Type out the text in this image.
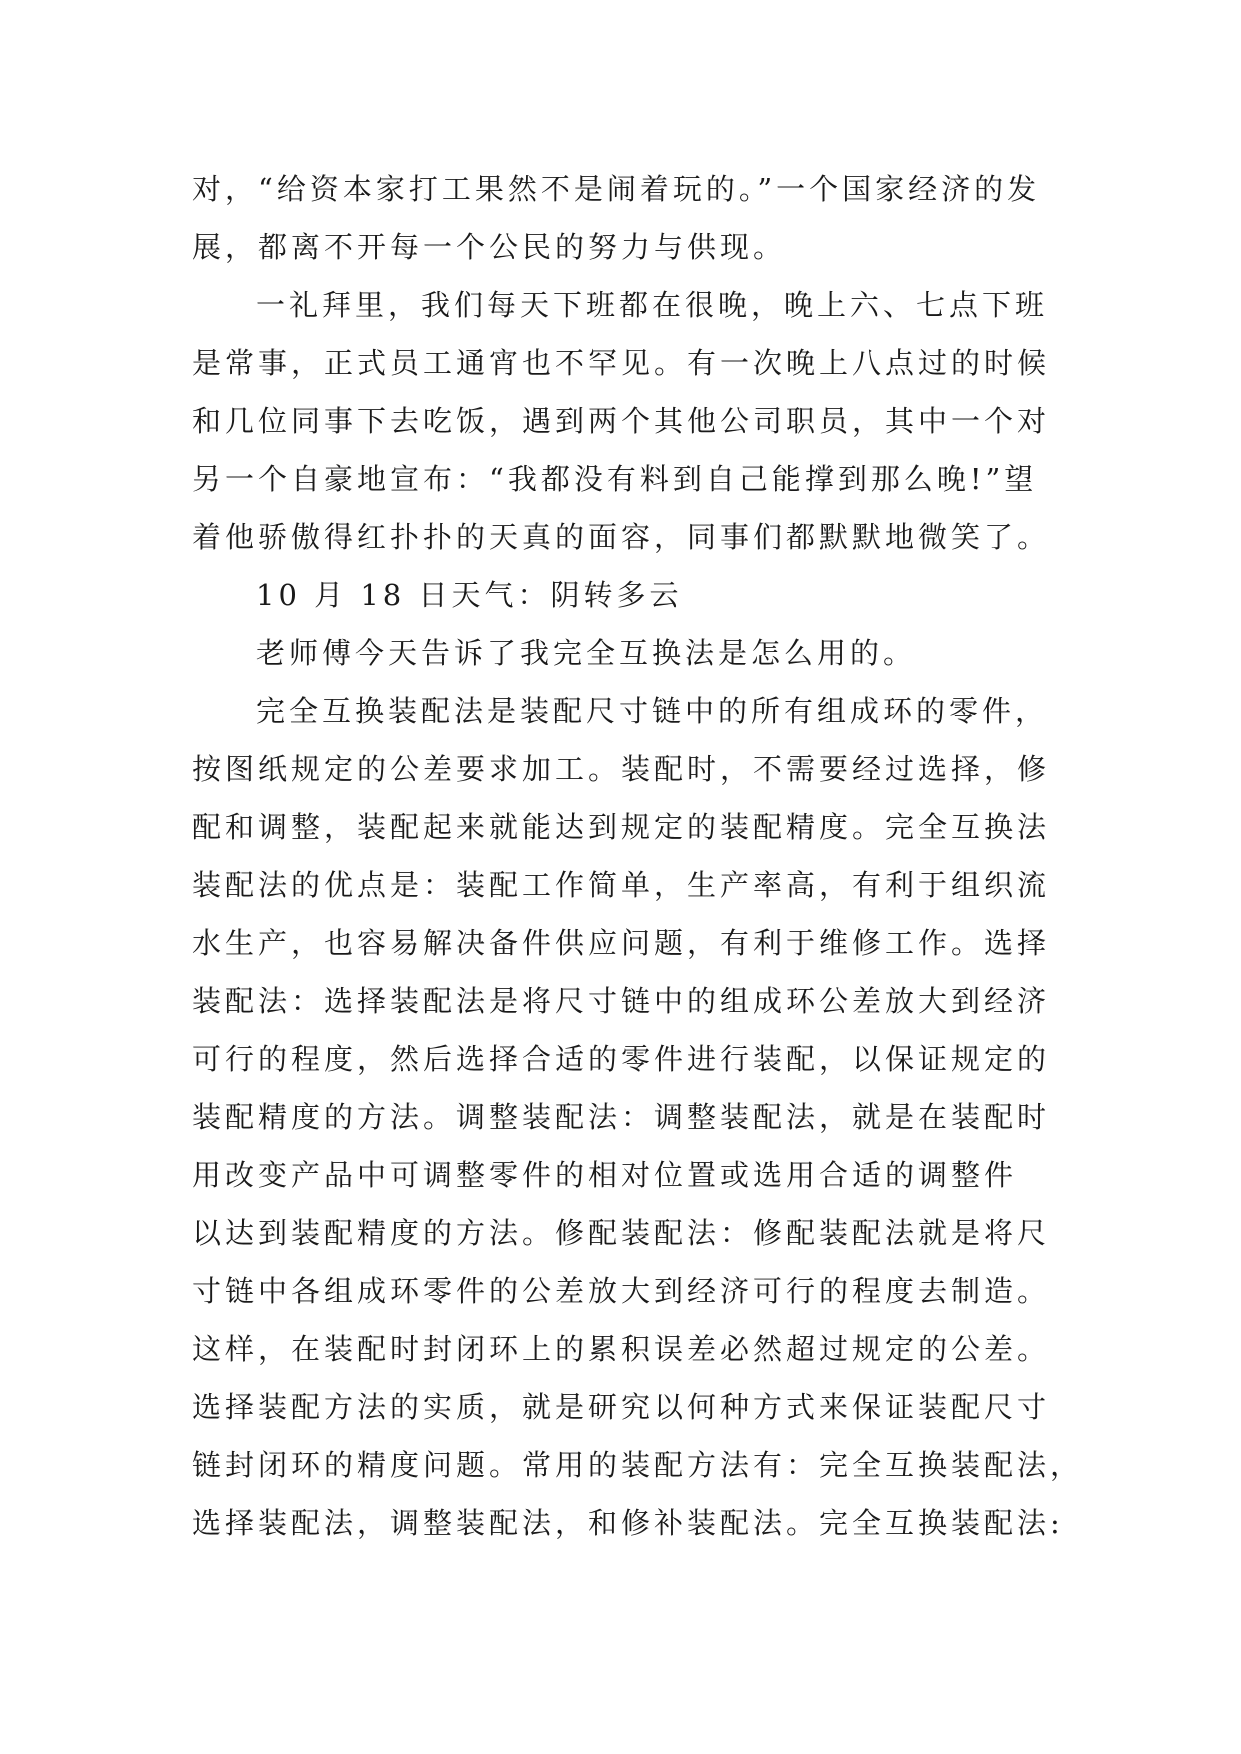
对，“给资本家打工果然不是闹着玩的。”一个国家经济的发
展，都离不开每一个公民的努力与供现。
一礼拜里，我们每天下班都在很晚，晚上六、七点下班
是常事，正式员工通宵也不罕见。有一次晚上八点过的时候
和几位同事下去吃饭，遇到两个其他公司职员，其中一个对
另一个自豪地宣布：“我都没有料到自己能撑到那么晚!”望
着他骄傲得红扑扑的天真的面容，同事们都默默地微笑了。
10 月 18 日天气：阴转多云
老师傅今天告诉了我完全互换法是怎么用的。
完全互换装配法是装配尺寸链中的所有组成环的零件，
按图纸规定的公差要求加工。装配时，不需要经过选择，修
配和调整，装配起来就能达到规定的装配精度。完全互换法
装配法的优点是：装配工作简单，生产率高，有利于组织流
水生产，也容易解决备件供应问题，有利于维修工作。选择
装配法：选择装配法是将尺寸链中的组成环公差放大到经济
可行的程度，然后选择合适的零件进行装配，以保证规定的
装配精度的方法。调整装配法：调整装配法，就是在装配时
用改变产品中可调整零件的相对位置或选用合适的调整件
以达到装配精度的方法。修配装配法：修配装配法就是将尺
寸链中各组成环零件的公差放大到经济可行的程度去制造。
这样，在装配时封闭环上的累积误差必然超过规定的公差。
选择装配方法的实质，就是研究以何种方式来保证装配尺寸
链封闭环的精度问题。常用的装配方法有：完全互换装配法，
选择装配法，调整装配法，和修补装配法。完全互换装配法:
